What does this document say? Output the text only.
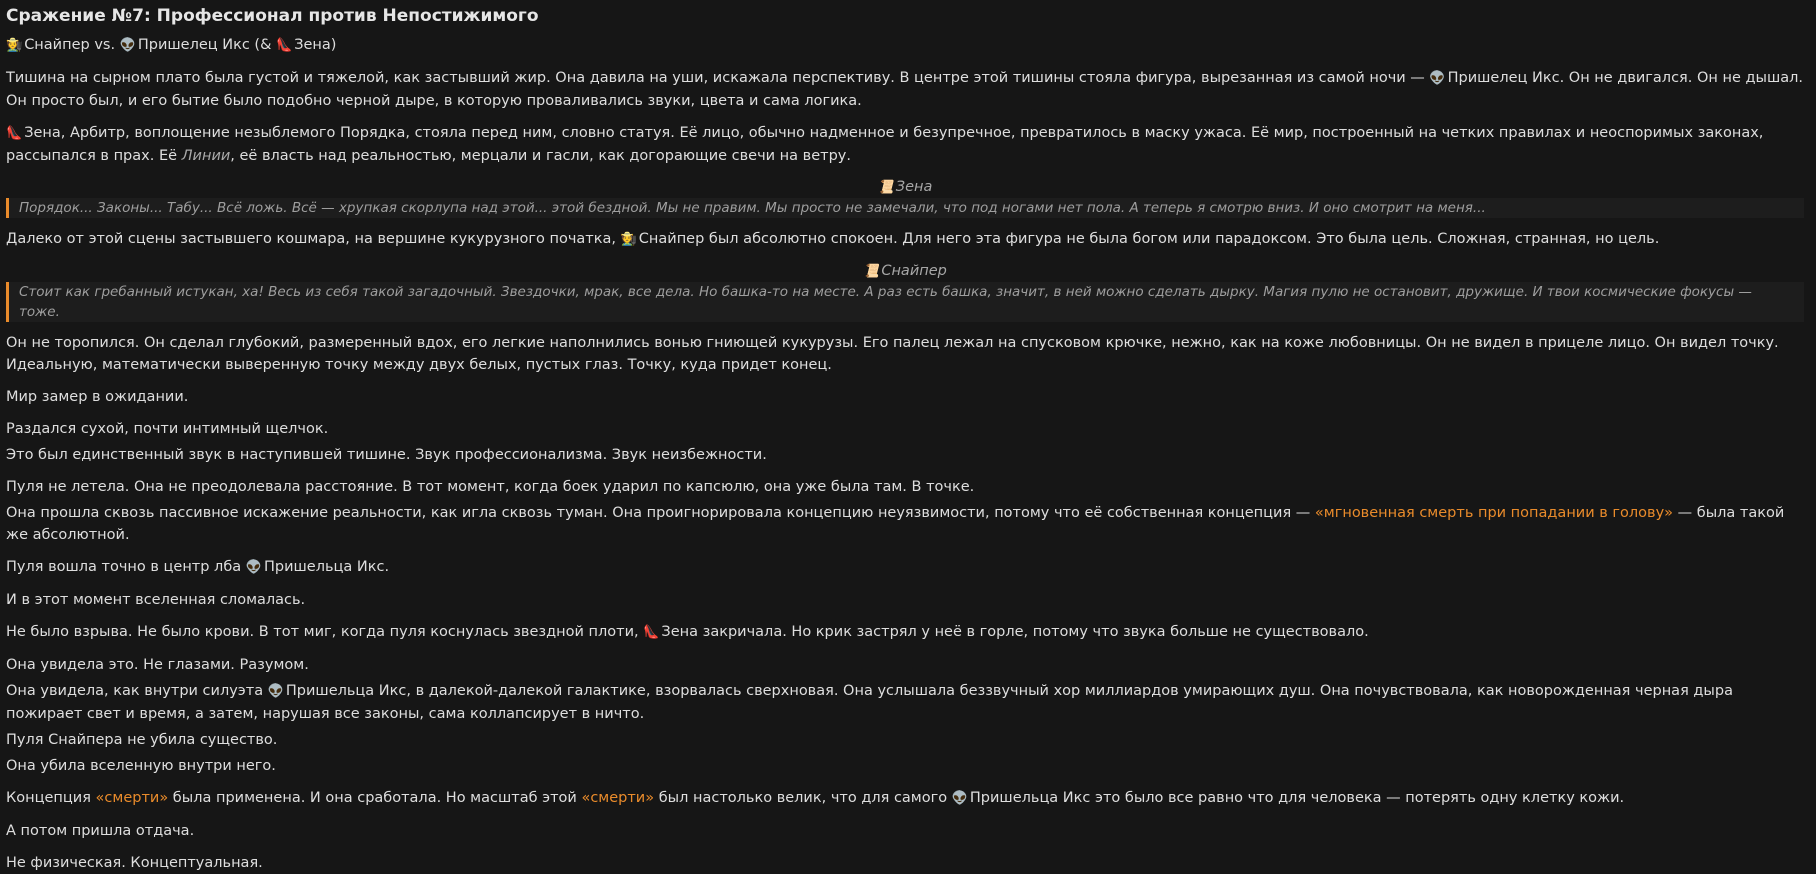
Сражение №7: Профессионал против Непостижимого

🧑‍🌾 Снайпер vs. 👽 Пришелец Икс (& 👠 Зена)

Тишина на сырном плато была густой и тяжелой, как застывший жир. Она давила на уши, искажала перспективу. В центре этой тишины стояла фигура, вырезанная из самой ночи — 👽 Пришелец Икс. Он не двигался. Он не дышал. Он просто был, и его бытие было подобно черной дыре, в которую проваливались звуки, цвета и сама логика.

👠 Зена, Арбитр, воплощение незыблемого Порядка, стояла перед ним, словно статуя. Её лицо, обычно надменное и безупречное, превратилось в маску ужаса. Её мир, построенный на четких правилах и неоспоримых законах, рассыпался в прах. Её Линии, её власть над реальностью, мерцали и гасли, как догорающие свечи на ветру.

📜 Зена
Порядок... Законы... Табу... Всё ложь. Всё — хрупкая скорлупа над этой... этой бездной. Мы не правим. Мы просто не замечали, что под ногами нет пола. А теперь я смотрю вниз. И оно смотрит на меня...

Далеко от этой сцены застывшего кошмара, на вершине кукурузного початка, 🧑‍🌾 Снайпер был абсолютно спокоен. Для него эта фигура не была богом или парадоксом. Это была цель. Сложная, странная, но цель.

📜 Снайпер
Стоит как гребанный истукан, ха! Весь из себя такой загадочный. Звездочки, мрак, все дела. Но башка-то на месте. А раз есть башка, значит, в ней можно сделать дырку. Магия пулю не остановит, дружище. И твои космические фокусы — тоже.

Он не торопился. Он сделал глубокий, размеренный вдох, его легкие наполнились вонью гниющей кукурузы. Его палец лежал на спусковом крючке, нежно, как на коже любовницы. Он не видел в прицеле лицо. Он видел точку. Идеальную, математически выверенную точку между двух белых, пустых глаз. Точку, куда придет конец.

Мир замер в ожидании.

Раздался сухой, почти интимный щелчок.

Это был единственный звук в наступившей тишине. Звук профессионализма. Звук неизбежности.

Пуля не летела. Она не преодолевала расстояние. В тот момент, когда боек ударил по капсюлю, она уже была там. В точке.

Она прошла сквозь пассивное искажение реальности, как игла сквозь туман. Она проигнорировала концепцию неуязвимости, потому что её собственная концепция — «мгновенная смерть при попадании в голову» — была такой же абсолютной.

Пуля вошла точно в центр лба 👽 Пришельца Икс.

И в этот момент вселенная сломалась.

Не было взрыва. Не было крови. В тот миг, когда пуля коснулась звездной плоти, 👠 Зена закричала. Но крик застрял у неё в горле, потому что звука больше не существовало.

Она увидела это. Не глазами. Разумом.

Она увидела, как внутри силуэта 👽 Пришельца Икс, в далекой-далекой галактике, взорвалась сверхновая. Она услышала беззвучный хор миллиардов умирающих душ. Она почувствовала, как новорожденная черная дыра пожирает свет и время, а затем, нарушая все законы, сама коллапсирует в ничто.

Пуля Снайпера не убила существо.

Она убила вселенную внутри него.

Концепция «смерти» была применена. И она сработала. Но масштаб этой «смерти» был настолько велик, что для самого 👽 Пришельца Икс это было все равно что для человека — потерять одну клетку кожи.

А потом пришла отдача.

Не физическая. Концептуальная.
